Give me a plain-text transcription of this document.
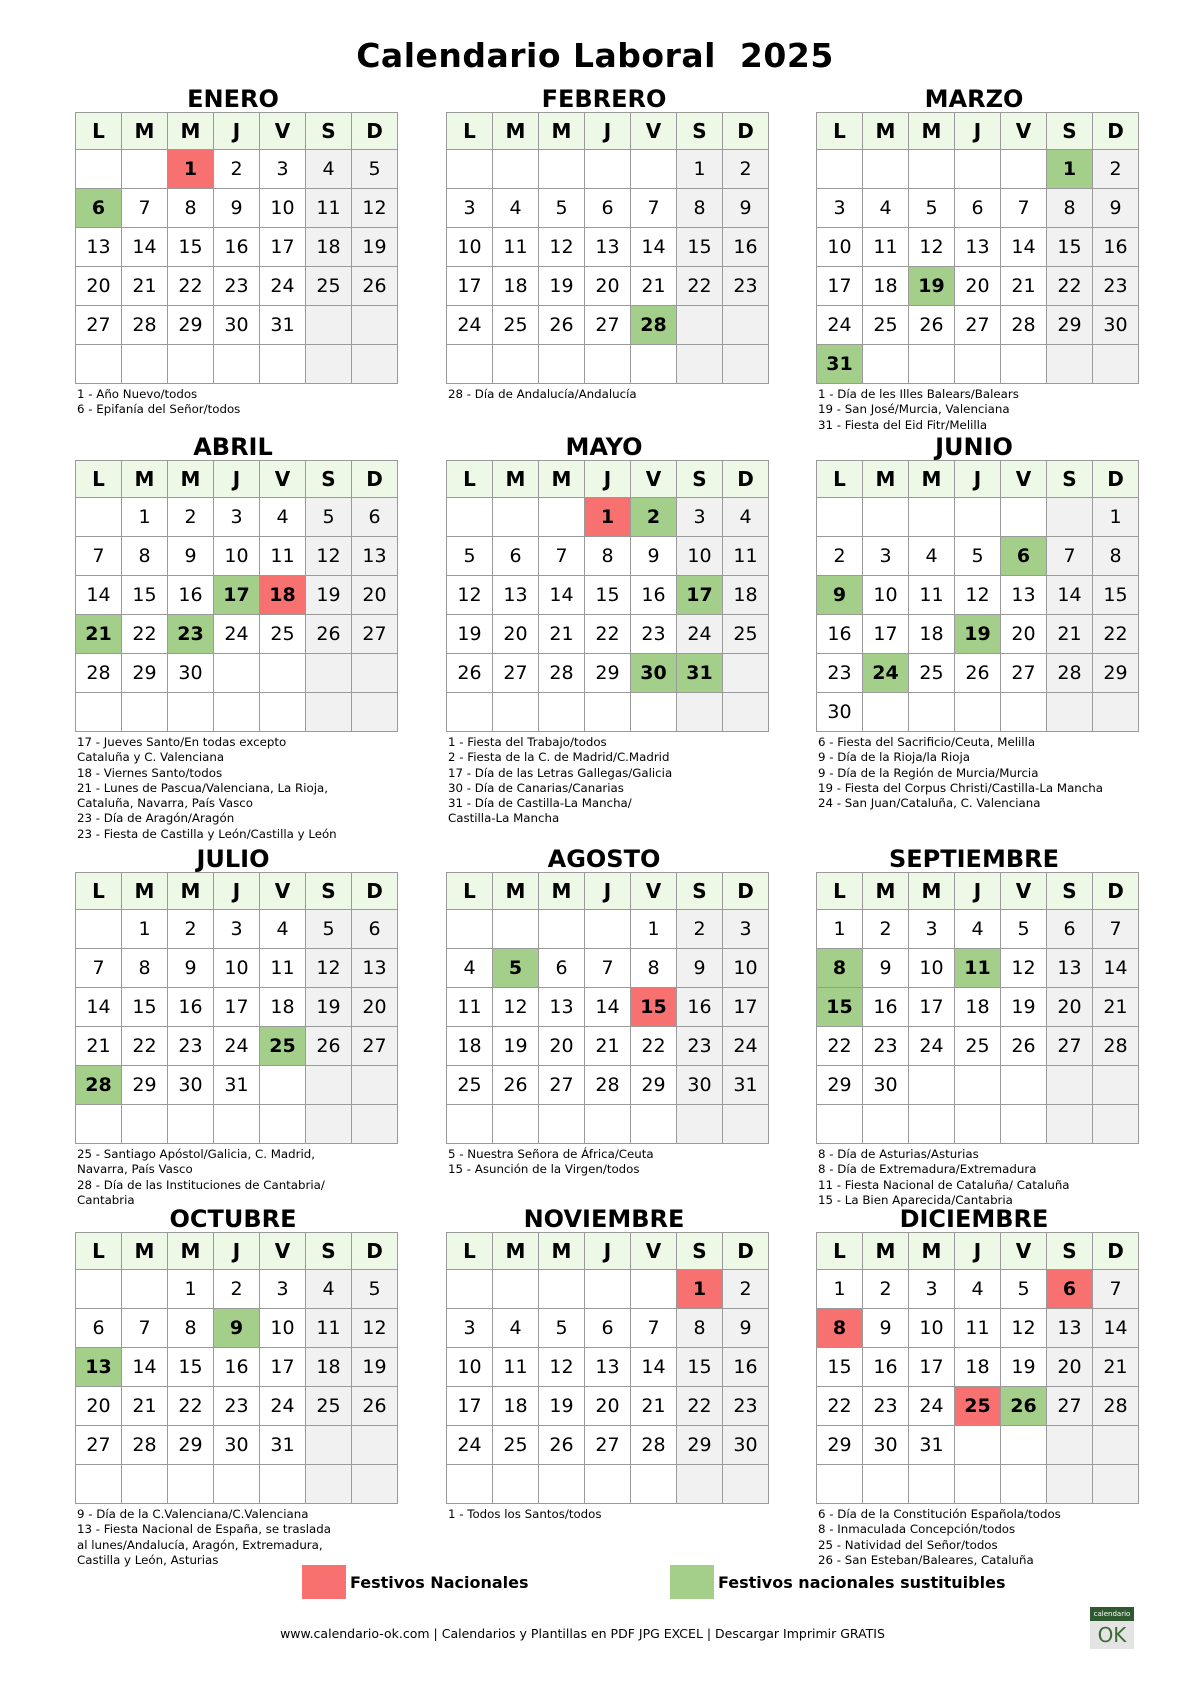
Calendario Laboral  2025
ENERO
L	M	M	J	V	S	D
		1	2	3	4	5
6	7	8	9	10	11	12
13	14	15	16	17	18	19
20	21	22	23	24	25	26
27	28	29	30	31		

1 - Año Nuevo/todos
6 - Epifanía del Señor/todos
FEBRERO
L	M	M	J	V	S	D
					1	2
3	4	5	6	7	8	9
10	11	12	13	14	15	16
17	18	19	20	21	22	23
24	25	26	27	28		

28 - Día de Andalucía/Andalucía
MARZO
L	M	M	J	V	S	D
					1	2
3	4	5	6	7	8	9
10	11	12	13	14	15	16
17	18	19	20	21	22	23
24	25	26	27	28	29	30
31						
1 - Día de les Illes Balears/Balears
19 - San José/Murcia, Valenciana
31 - Fiesta del Eid Fitr/Melilla
ABRIL
L	M	M	J	V	S	D
	1	2	3	4	5	6
7	8	9	10	11	12	13
14	15	16	17	18	19	20
21	22	23	24	25	26	27
28	29	30				

17 - Jueves Santo/En todas excepto
Cataluña y C. Valenciana
18 - Viernes Santo/todos
21 - Lunes de Pascua/Valenciana, La Rioja,
Cataluña, Navarra, País Vasco
23 - Día de Aragón/Aragón
23 - Fiesta de Castilla y León/Castilla y León
MAYO
L	M	M	J	V	S	D
			1	2	3	4
5	6	7	8	9	10	11
12	13	14	15	16	17	18
19	20	21	22	23	24	25
26	27	28	29	30	31	

1 - Fiesta del Trabajo/todos
2 - Fiesta de la C. de Madrid/C.Madrid
17 - Día de las Letras Gallegas/Galicia
30 - Día de Canarias/Canarias
31 - Día de Castilla-La Mancha/
Castilla-La Mancha
JUNIO
L	M	M	J	V	S	D
						1
2	3	4	5	6	7	8
9	10	11	12	13	14	15
16	17	18	19	20	21	22
23	24	25	26	27	28	29
30						
6 - Fiesta del Sacrificio/Ceuta, Melilla
9 - Día de la Rioja/la Rioja
9 - Día de la Región de Murcia/Murcia
19 - Fiesta del Corpus Christi/Castilla-La Mancha
24 - San Juan/Cataluña, C. Valenciana
JULIO
L	M	M	J	V	S	D
	1	2	3	4	5	6
7	8	9	10	11	12	13
14	15	16	17	18	19	20
21	22	23	24	25	26	27
28	29	30	31			

25 - Santiago Apóstol/Galicia, C. Madrid,
Navarra, País Vasco
28 - Día de las Instituciones de Cantabria/
Cantabria
AGOSTO
L	M	M	J	V	S	D
				1	2	3
4	5	6	7	8	9	10
11	12	13	14	15	16	17
18	19	20	21	22	23	24
25	26	27	28	29	30	31

5 - Nuestra Señora de África/Ceuta
15 - Asunción de la Virgen/todos
SEPTIEMBRE
L	M	M	J	V	S	D
1	2	3	4	5	6	7
8	9	10	11	12	13	14
15	16	17	18	19	20	21
22	23	24	25	26	27	28
29	30					

8 - Día de Asturias/Asturias
8 - Día de Extremadura/Extremadura
11 - Fiesta Nacional de Cataluña/ Cataluña
15 - La Bien Aparecida/Cantabria
OCTUBRE
L	M	M	J	V	S	D
		1	2	3	4	5
6	7	8	9	10	11	12
13	14	15	16	17	18	19
20	21	22	23	24	25	26
27	28	29	30	31		

9 - Día de la C.Valenciana/C.Valenciana
13 - Fiesta Nacional de España, se traslada
al lunes/Andalucía, Aragón, Extremadura,
Castilla y León, Asturias
NOVIEMBRE
L	M	M	J	V	S	D
					1	2
3	4	5	6	7	8	9
10	11	12	13	14	15	16
17	18	19	20	21	22	23
24	25	26	27	28	29	30

1 - Todos los Santos/todos
DICIEMBRE
L	M	M	J	V	S	D
1	2	3	4	5	6	7
8	9	10	11	12	13	14
15	16	17	18	19	20	21
22	23	24	25	26	27	28
29	30	31				

6 - Día de la Constitución Española/todos
8 - Inmaculada Concepción/todos
25 - Natividad del Señor/todos
26 - San Esteban/Baleares, Cataluña
Festivos Nacionales	Festivos nacionales sustituibles
www.calendario-ok.com | Calendarios y Plantillas en PDF JPG EXCEL | Descargar Imprimir GRATIS
calendario
OK
